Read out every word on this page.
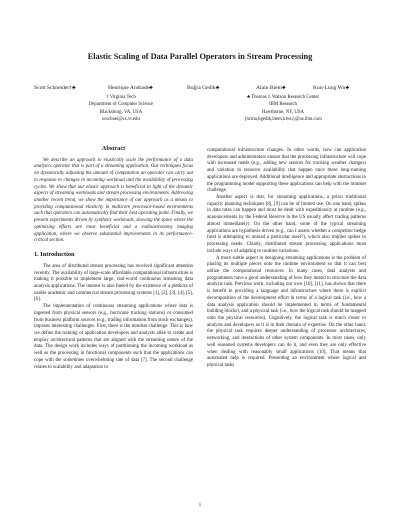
Elastic Scaling of Data Parallel Operators in Stream Processing
Scott Schneider†♣	Henrique Andrade♣	Buğra Gedik♣	Alain Biem♣	Kun-Lung Wu♣
† Virginia Tech
Department of Computer Science
Blacksburg, VA, USA
scschnei@cs.vt.edu
♣ Thomas J. Watson Research Center
IBM Research
Hawthorne, NY, USA
{hcma,bgedik,biem,klwu}@us.ibm.com
Abstract

We describe an approach to elastically scale the performance of a data analytics operator that is part of a streaming application. Our techniques focus on dynamically adjusting the amount of computation an operator can carry out in response to changes in incoming workload and the availability of processing cycles. We show that our elastic approach is beneficial in light of the dynamic aspects of streaming workloads and stream processing environments. Addressing another recent trend, we show the importance of our approach as a means to providing computational elasticity in multicore processor-based environments such that operators can automatically find their best operating point. Finally, we present experiments driven by synthetic workloads, showing the space where the optimizing efforts are most beneficial and a radioastronomy imaging application, where we observe substantial improvements in its performance-critical section.

1. Introduction

The area of distributed stream processing has received significant attention recently. The availability of large-scale affordable computational infrastructure is making it possible to implement large, real-world continuous streaming data analysis applications. The interest is also fueled by the existence of a plethora of usable academic and commercial stream processing systems [1], [2], [3], [4], [5], [6].

The implementation of continuous streaming applications where data is ingested from physical sensors (e.g., hurricane tracking stations) or consumed from business platform sources (e.g., trading information from stock exchanges), imposes interesting challenges. First, there is the mindset challenge. This is how we define the training of application developers and analysts alike to create and employ architectural patterns that are aligned with the streaming nature of the data. The design work includes ways of partitioning the incoming workload as well as the processing in functional components such that the applications can cope with the sometimes overwhelming rate of data [7]. The second challenge relates to scalability and adaptation to

computational infrastructure changes. In other words, how can application developers and administrators ensure that the processing infrastructure will cope with increased needs (e.g., adding new sensors for tracking weather changes) and variation in resource availability that happen once these long-running applications are deployed. Additional intelligence and appropriate abstractions in the programming model supporting these applications can help with the mindset challenge.

Another aspect is that, for streaming applications, a priori traditional capacity planning techniques [8], [9] can be of limited use. On one hand, spikes in data rates can happen and must be dealt with expeditiously at runtime (e.g., announcements by the Federal Reserve in the US usually affect trading patterns almost immediately). On the other hand, some of the typical streaming applications are hypothesis-driven (e.g., can I assess whether a competitor hedge fund is attempting to unload a particular asset?), which also implies spikes in processing needs. Clearly, distributed stream processing applications must include ways of adapting to runtime variations.

A more subtle aspect in designing streaming applications is the problem of placing its multiple pieces onto the runtime environment so that it can best utilize the computational resources. In many cases, data analysts and programmers have a good understanding of how they intend to structure the data analysis task. Previous work, including our own [10], [11], has shown that there is benefit in providing a language and infrastructure where there is explicit decomposition of the development effort in terms of a logical task (i.e., how a data analysis application should be implemented in terms of fundamental building blocks), and a physical task (i.e., how the logical task should be mapped onto the physical resources). Cognitively, the logical task is much closer to analysts and developers as it is in their domain of expertise. On the other hand, the physical task requires deeper understanding of processor architectures, networking, and interactions of other system components. In most cases, only well seasoned systems developers can do it, and even they are only effective when dealing with reasonably small applications [10]. That means that automated help is required. Presenting an environment where logical and physical tasks

1
